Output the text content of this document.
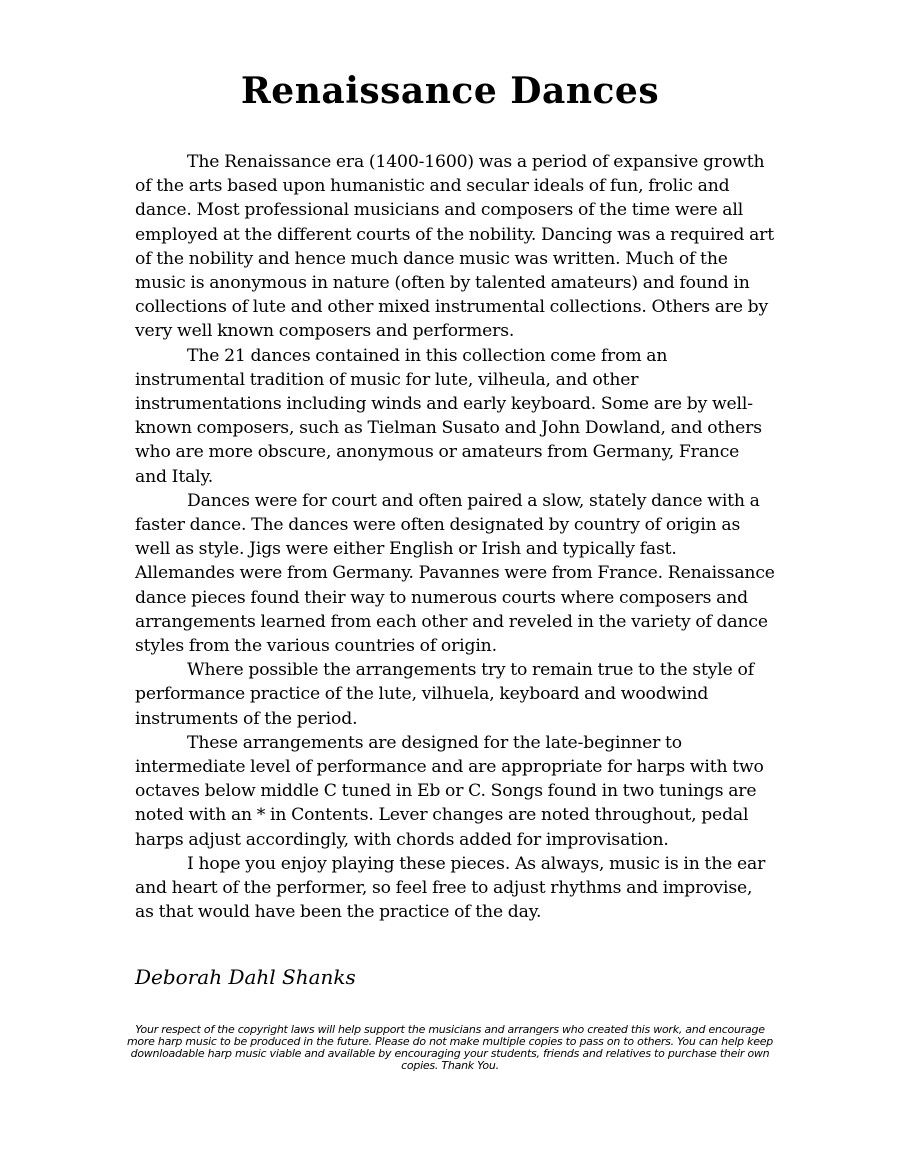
Renaissance Dances

The Renaissance era (1400-1600) was a period of expansive growth of the arts based upon humanistic and secular ideals of fun, frolic and dance. Most professional musicians and composers of the time were all employed at the different courts of the nobility. Dancing was a required art of the nobility and hence much dance music was written. Much of the music is anonymous in nature (often by talented amateurs) and found in collections of lute and other mixed instrumental collections. Others are by very well known composers and performers.

The 21 dances contained in this collection come from an instrumental tradition of music for lute, vilheula, and other instrumentations including winds and early keyboard. Some are by well-known composers, such as Tielman Susato and John Dowland, and others who are more obscure, anonymous or amateurs from Germany, France and Italy.

Dances were for court and often paired a slow, stately dance with a faster dance. The dances were often designated by country of origin as well as style. Jigs were either English or Irish and typically fast. Allemandes were from Germany. Pavannes were from France. Renaissance dance pieces found their way to numerous courts where composers and arrangements learned from each other and reveled in the variety of dance styles from the various countries of origin.

Where possible the arrangements try to remain true to the style of performance practice of the lute, vilhuela, keyboard and woodwind instruments of the period.

These arrangements are designed for the late-beginner to intermediate level of performance and are appropriate for harps with two octaves below middle C tuned in Eb or C. Songs found in two tunings are noted with an * in Contents. Lever changes are noted throughout, pedal harps adjust accordingly, with chords added for improvisation.

I hope you enjoy playing these pieces. As always, music is in the ear and heart of the performer, so feel free to adjust rhythms and improvise, as that would have been the practice of the day.

Deborah Dahl Shanks
Your respect of the copyright laws will help support the musicians and arrangers who created this work, and encourage more harp music to be produced in the future. Please do not make multiple copies to pass on to others. You can help keep downloadable harp music viable and available by encouraging your students, friends and relatives to purchase their own copies. Thank You.
